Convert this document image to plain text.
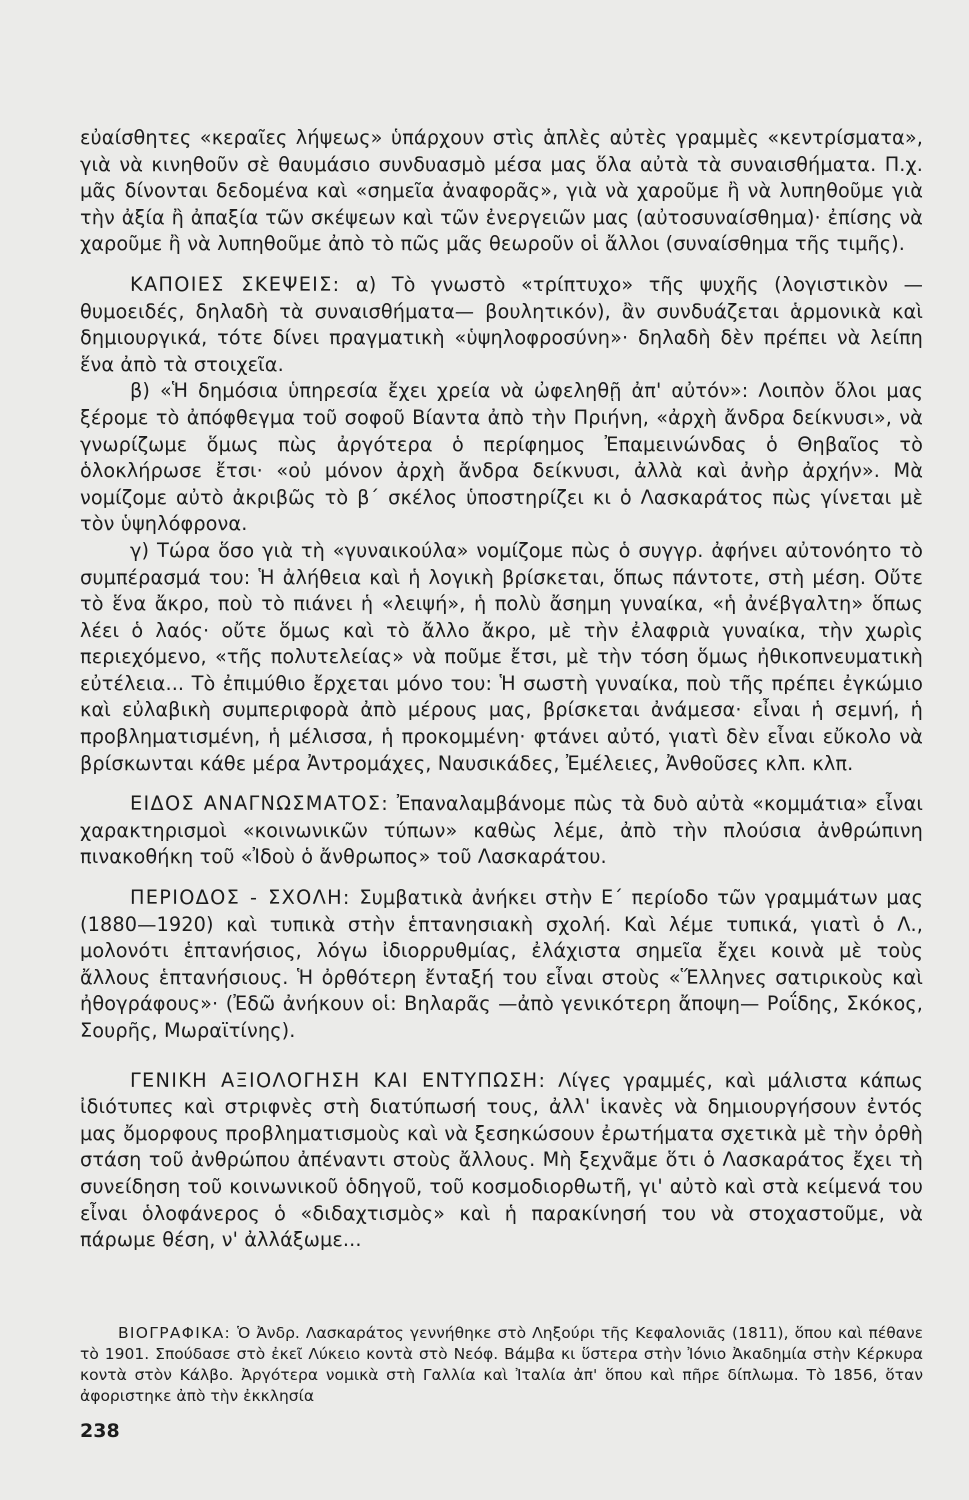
εὐαίσθητες «κεραῖες λήψεως» ὑπάρχουν στὶς ἁπλὲς αὐτὲς γραμμὲς «κεντρίσματα», γιὰ νὰ κινηθοῦν σὲ θαυμάσιο συνδυασμὸ μέσα μας ὅλα αὐτὰ τὰ συναισθήματα. Π.χ. μᾶς δίνονται δεδομένα καὶ «σημεῖα ἀναφορᾶς», γιὰ νὰ χαροῦμε ἢ νὰ λυπηθοῦμε γιὰ τὴν ἀξία ἢ ἀπαξία τῶν σκέψεων καὶ τῶν ἐνεργειῶν μας (αὐτοσυναίσθημα)· ἐπίσης νὰ χαροῦμε ἢ νὰ λυπηθοῦμε ἀπὸ τὸ πῶς μᾶς θεωροῦν οἱ ἄλλοι (συναίσθημα τῆς τιμῆς).

ΚΑΠΟΙΕΣ ΣΚΕΨΕΙΣ: α) Τὸ γνωστὸ «τρίπτυχο» τῆς ψυχῆς (λογιστικὸν —θυμοειδές, δηλαδὴ τὰ συναισθήματα— βουλητικόν), ἂν συνδυάζεται ἁρμονικὰ καὶ δημιουργικά, τότε δίνει πραγματικὴ «ὑψηλοφροσύνη»· δηλαδὴ δὲν πρέπει νὰ λείπη ἕνα ἀπὸ τὰ στοιχεῖα.

β) «Ἡ δημόσια ὑπηρεσία ἔχει χρεία νὰ ὠφεληθῇ ἀπ' αὐτόν»: Λοιπὸν ὅλοι μας ξέρομε τὸ ἀπόφθεγμα τοῦ σοφοῦ Βίαντα ἀπὸ τὴν Πριήνη, «ἀρχὴ ἄνδρα δείκνυσι», νὰ γνωρίζωμε ὅμως πὼς ἀργότερα ὁ περίφημος Ἐπαμεινώνδας ὁ Θηβαῖος τὸ ὁλοκλήρωσε ἔτσι· «οὐ μόνον ἀρχὴ ἄνδρα δείκνυσι, ἀλλὰ καὶ ἀνὴρ ἀρχήν». Μὰ νομίζομε αὐτὸ ἀκριβῶς τὸ β΄ σκέλος ὑποστηρίζει κι ὁ Λασκαράτος πὼς γίνεται μὲ τὸν ὑψηλόφρονα.

γ) Τώρα ὅσο γιὰ τὴ «γυναικούλα» νομίζομε πὼς ὁ συγγρ. ἀφήνει αὐτονόητο τὸ συμπέρασμά του: Ἡ ἀλήθεια καὶ ἡ λογικὴ βρίσκεται, ὅπως πάντοτε, στὴ μέση. Οὔτε τὸ ἕνα ἄκρο, ποὺ τὸ πιάνει ἡ «λειψή», ἡ πολὺ ἄσημη γυναίκα, «ἡ ἀνέβγαλτη» ὅπως λέει ὁ λαός· οὔτε ὅμως καὶ τὸ ἄλλο ἄκρο, μὲ τὴν ἐλαφριὰ γυναίκα, τὴν χωρὶς περιεχόμενο, «τῆς πολυτελείας» νὰ ποῦμε ἔτσι, μὲ τὴν τόση ὅμως ἠθικοπνευματικὴ εὐτέλεια... Τὸ ἐπιμύθιο ἔρχεται μόνο του: Ἡ σωστὴ γυναίκα, ποὺ τῆς πρέπει ἐγκώμιο καὶ εὐλαβικὴ συμπεριφορὰ ἀπὸ μέρους μας, βρίσκεται ἀνάμεσα· εἶναι ἡ σεμνή, ἡ προβληματισμένη, ἡ μέλισσα, ἡ προκομμένη· φτάνει αὐτό, γιατὶ δὲν εἶναι εὔκολο νὰ βρίσκωνται κάθε μέρα Ἀντρομάχες, Ναυσικάδες, Ἐμέλειες, Ἀνθοῦσες κλπ. κλπ.

ΕΙΔΟΣ ΑΝΑΓΝΩΣΜΑΤΟΣ: Ἐπαναλαμβάνομε πὼς τὰ δυὸ αὐτὰ «κομμάτια» εἶναι χαρακτηρισμοὶ «κοινωνικῶν τύπων» καθὼς λέμε, ἀπὸ τὴν πλούσια ἀνθρώπινη πινακοθήκη τοῦ «Ἰδοὺ ὁ ἄνθρωπος» τοῦ Λασκαράτου.

ΠΕΡΙΟΔΟΣ - ΣΧΟΛΗ: Συμβατικὰ ἀνήκει στὴν Ε΄ περίοδο τῶν γραμμάτων μας (1880—1920) καὶ τυπικὰ στὴν ἑπτανησιακὴ σχολή. Καὶ λέμε τυπικά, γιατὶ ὁ Λ., μολονότι ἑπτανήσιος, λόγω ἰδιορρυθμίας, ἐλάχιστα σημεῖα ἔχει κοινὰ μὲ τοὺς ἄλλους ἑπτανήσιους. Ἡ ὀρθότερη ἔνταξή του εἶναι στοὺς «Ἕλληνες σατιρικοὺς καὶ ἠθογράφους»· (Ἐδῶ ἀνήκουν οἱ: Βηλαρᾶς —ἀπὸ γενικότερη ἄποψη— Ροΐδης, Σκόκος, Σουρῆς, Μωραϊτίνης).

ΓΕΝΙΚΗ ΑΞΙΟΛΟΓΗΣΗ ΚΑΙ ΕΝΤΥΠΩΣΗ: Λίγες γραμμές, καὶ μάλιστα κάπως ἰδιότυπες καὶ στριφνὲς στὴ διατύπωσή τους, ἀλλ' ἱκανὲς νὰ δημιουργήσουν ἐντός μας ὄμορφους προβληματισμοὺς καὶ νὰ ξεσηκώσουν ἐρωτήματα σχετικὰ μὲ τὴν ὀρθὴ στάση τοῦ ἀνθρώπου ἀπέναντι στοὺς ἄλλους. Μὴ ξεχνᾶμε ὅτι ὁ Λασκαράτος ἔχει τὴ συνείδηση τοῦ κοινωνικοῦ ὁδηγοῦ, τοῦ κοσμοδιορθωτῆ, γι' αὐτὸ καὶ στὰ κείμενά του εἶναι ὁλοφάνερος ὁ «διδαχτισμὸς» καὶ ἡ παρακίνησή του νὰ στοχαστοῦμε, νὰ πάρωμε θέση, ν' ἀλλάξωμε...

ΒΙΟΓΡΑΦΙΚΑ: Ὁ Ἀνδρ. Λασκαράτος γεννήθηκε στὸ Ληξούρι τῆς Κεφαλονιᾶς (1811), ὅπου καὶ πέθανε τὸ 1901. Σπούδασε στὸ ἐκεῖ Λύκειο κοντὰ στὸ Νεόφ. Βάμβα κι ὕστερα στὴν Ἰόνιο Ἀκαδημία στὴν Κέρκυρα κοντὰ στὸν Κάλβο. Ἀργότερα νομικὰ στὴ Γαλλία καὶ Ἰταλία ἀπ' ὅπου καὶ πῆρε δίπλωμα. Τὸ 1856, ὅταν ἀφοριστηκε ἀπὸ τὴν ἐκκλησία

238
